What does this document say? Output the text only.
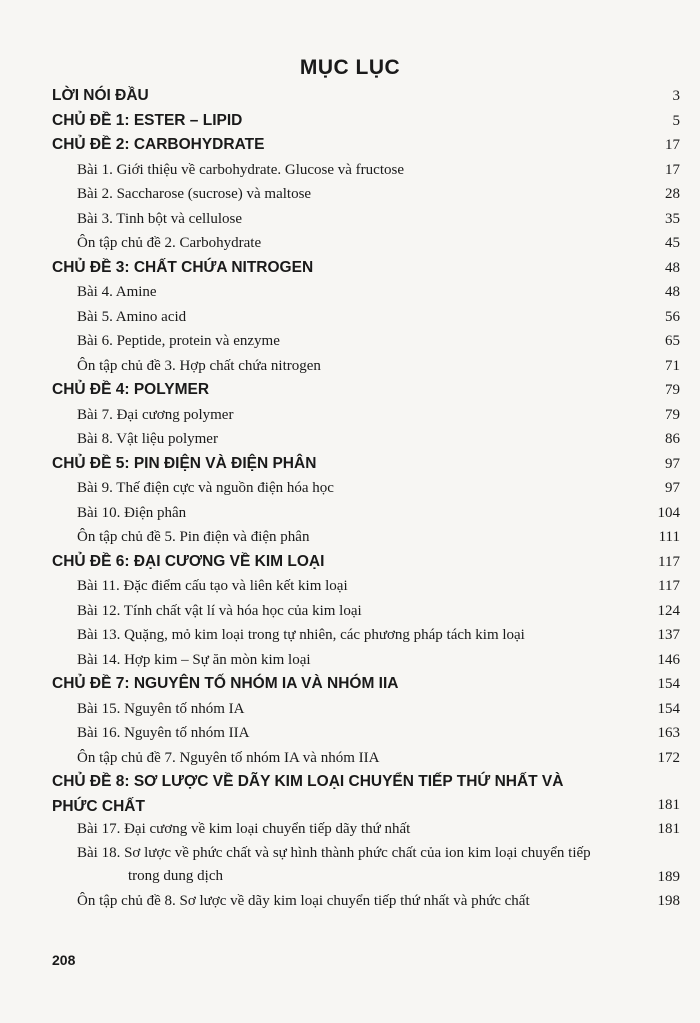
MỤC LỤC
LỜI NÓI ĐẦU	3
CHỦ ĐỀ 1: ESTER – LIPID	5
CHỦ ĐỀ 2: CARBOHYDRATE	17
Bài 1. Giới thiệu về carbohydrate. Glucose và fructose	17
Bài 2. Saccharose (sucrose) và maltose	28
Bài 3. Tinh bột và cellulose	35
Ôn tập chủ đề 2. Carbohydrate	45
CHỦ ĐỀ 3: CHẤT CHỨA NITROGEN	48
Bài 4. Amine	48
Bài 5. Amino acid	56
Bài 6. Peptide, protein và enzyme	65
Ôn tập chủ đề 3. Hợp chất chứa nitrogen	71
CHỦ ĐỀ 4: POLYMER	79
Bài 7. Đại cương polymer	79
Bài 8. Vật liệu polymer	86
CHỦ ĐỀ 5: PIN ĐIỆN VÀ ĐIỆN PHÂN	97
Bài 9. Thế điện cực và nguồn điện hóa học	97
Bài 10. Điện phân	104
Ôn tập chủ đề 5. Pin điện và điện phân	111
CHỦ ĐỀ 6: ĐẠI CƯƠNG VỀ KIM LOẠI	117
Bài 11. Đặc điểm cấu tạo và liên kết kim loại	117
Bài 12. Tính chất vật lí và hóa học của kim loại	124
Bài 13. Quặng, mỏ kim loại trong tự nhiên, các phương pháp tách kim loại	137
Bài 14. Hợp kim – Sự ăn mòn kim loại	146
CHỦ ĐỀ 7: NGUYÊN TỐ NHÓM IA VÀ NHÓM IIA	154
Bài 15. Nguyên tố nhóm IA	154
Bài 16. Nguyên tố nhóm IIA	163
Ôn tập chủ đề 7. Nguyên tố nhóm IA và nhóm IIA	172
CHỦ ĐỀ 8: SƠ LƯỢC VỀ DÃY KIM LOẠI CHUYỂN TIẾP THỨ NHẤT VÀ
PHỨC CHẤT	181
Bài 17. Đại cương về kim loại chuyển tiếp dãy thứ nhất	181
Bài 18. Sơ lược về phức chất và sự hình thành phức chất của ion kim loại chuyển tiếp
trong dung dịch	189
Ôn tập chủ đề 8. Sơ lược về dãy kim loại chuyển tiếp thứ nhất và phức chất	198
208
